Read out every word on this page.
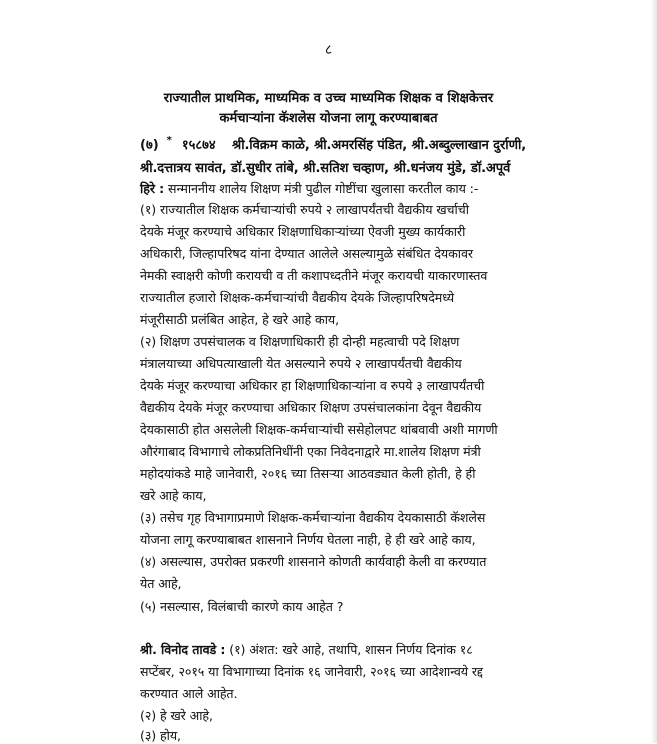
८
राज्यातील प्राथमिक, माध्यमिक व उच्च माध्यमिक शिक्षक व शिक्षकेत्तर
कर्मचाऱ्यांना कॅशलेस योजना लागू करण्याबाबत
(७) * १५८७४ श्री.विक्रम काळे, श्री.अमरसिंह पंडित, श्री.अब्दुल्लाखान दुर्राणी,
श्री.दत्तात्रय सावंत, डॉ.सुधीर तांबे, श्री.सतिश चव्हाण, श्री.धनंजय मुंडे, डॉ.अपूर्व
हिरे : सन्माननीय शालेय शिक्षण मंत्री पुढील गोष्टींचा खुलासा करतील काय :-
(१) राज्यातील शिक्षक कर्मचाऱ्यांची रुपये २ लाखापर्यंतची वैद्यकीय खर्चाची
देयके मंजूर करण्याचे अधिकार शिक्षणाधिकाऱ्यांच्या ऐवजी मुख्य कार्यकारी
अधिकारी, जिल्हापरिषद यांना देण्यात आलेले असल्यामुळे संबंधित देयकावर
नेमकी स्वाक्षरी कोणी करायची व ती कशापध्दतीने मंजूर करायची याकारणास्तव
राज्यातील हजारो शिक्षक-कर्मचाऱ्यांची वैद्यकीय देयके जिल्हापरिषदेमध्ये
मंजूरीसाठी प्रलंबित आहेत, हे खरे आहे काय,
(२) शिक्षण उपसंचालक व शिक्षणाधिकारी ही दोन्ही महत्वाची पदे शिक्षण
मंत्रालयाच्या अधिपत्याखाली येत असल्याने रुपये २ लाखापर्यंतची वैद्यकीय
देयके मंजूर करण्याचा अधिकार हा शिक्षणाधिकाऱ्यांना व रुपये ३ लाखापर्यंतची
वैद्यकीय देयके मंजूर करण्याचा अधिकार शिक्षण उपसंचालकांना देवून वैद्यकीय
देयकासाठी होत असलेली शिक्षक-कर्मचाऱ्यांची ससेहोलपट थांबवावी अशी मागणी
औरंगाबाद विभागाचे लोकप्रतिनिधींनी एका निवेदनाद्वारे मा.शालेय शिक्षण मंत्री
महोदयांकडे माहे जानेवारी, २०१६ च्या तिसऱ्या आठवड्यात केली होती, हे ही
खरे आहे काय,
(३) तसेच गृह विभागाप्रमाणे शिक्षक-कर्मचाऱ्यांना वैद्यकीय देयकासाठी कॅशलेस
योजना लागू करण्याबाबत शासनाने निर्णय घेतला नाही, हे ही खरे आहे काय,
(४) असल्यास, उपरोक्त प्रकरणी शासनाने कोणती कार्यवाही केली वा करण्यात
येत आहे,
(५) नसल्यास, विलंबाची कारणे काय आहेत ?
श्री. विनोद तावडे : (१) अंशत: खरे आहे, तथापि, शासन निर्णय दिनांक १८
सप्टेंबर, २०१५ या विभागाच्या दिनांक १६ जानेवारी, २०१६ च्या आदेशान्वये रद्द
करण्यात आले आहेत.
(२) हे खरे आहे,
(३) होय,
